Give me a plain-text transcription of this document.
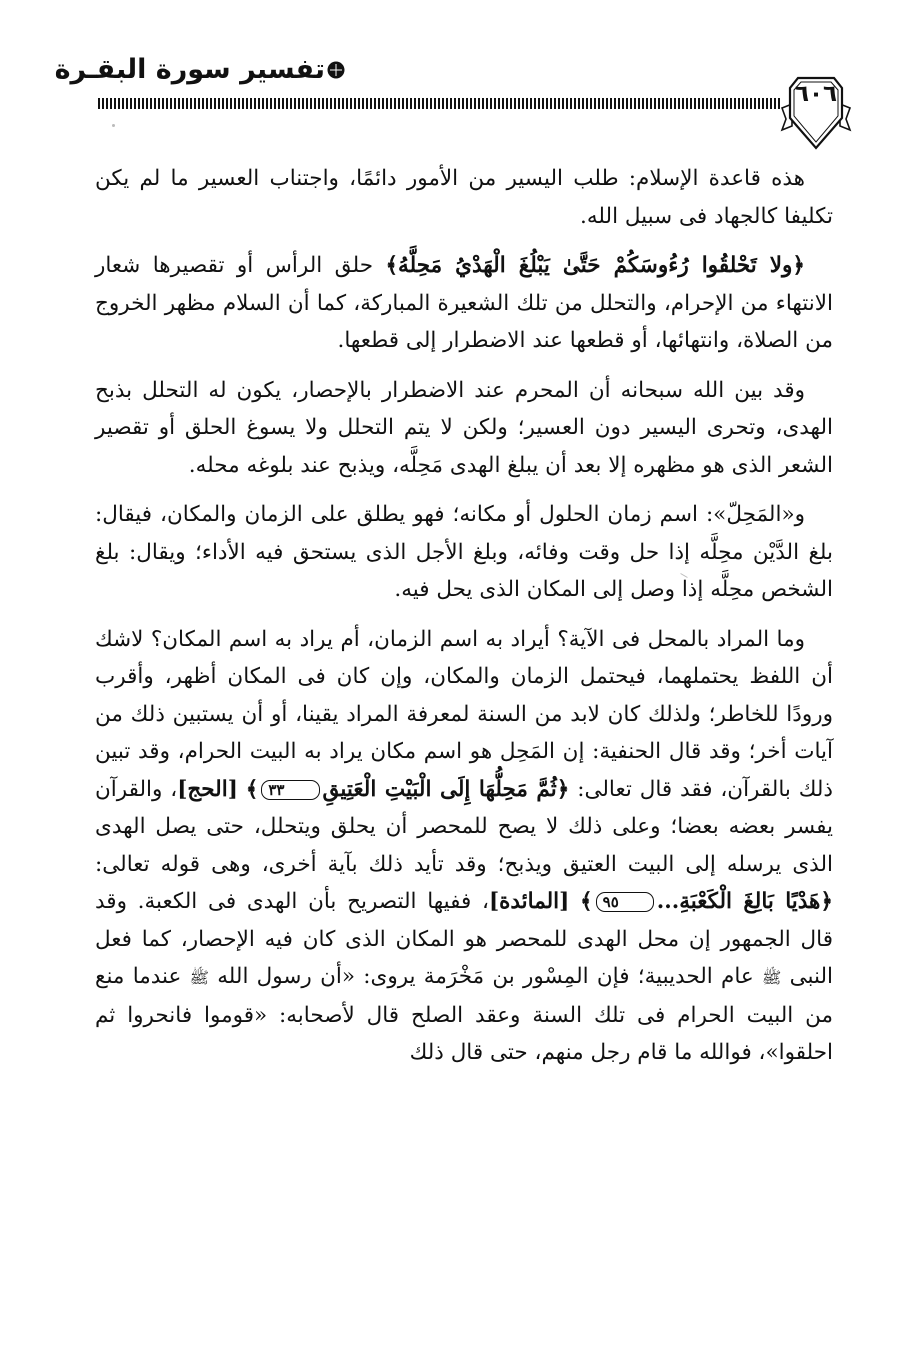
٦٠٦
تفسير سورة البقـرة

هذه قاعدة الإسلام: طلب اليسير من الأمور دائمًا، واجتناب العسير ما لم يكن تكليفا كالجهاد فى سبيل الله.

﴿ولا تَحْلقُوا رُءُوسَكُمْ حَتَّىٰ يَبْلُغَ الْهَدْيُ مَحِلَّهُ﴾ حلق الرأس أو تقصيرها شعار الانتهاء من الإحرام، والتحلل من تلك الشعيرة المباركة، كما أن السلام مظهر الخروج من الصلاة، وانتهائها، أو قطعها عند الاضطرار إلى قطعها.

وقد بين الله سبحانه أن المحرم عند الاضطرار بالإحصار، يكون له التحلل بذبح الهدى، وتحرى اليسير دون العسير؛ ولكن لا يتم التحلل ولا يسوغ الحلق أو تقصير الشعر الذى هو مظهره إلا بعد أن يبلغ الهدى مَحِلَّه، ويذبح عند بلوغه محله.

و«المَحِلّ»: اسم زمان الحلول أو مكانه؛ فهو يطلق على الزمان والمكان، فيقال: بلغ الدَّيْن محِلَّه إذا حل وقت وفائه، وبلغ الأجل الذى يستحق فيه الأداء؛ ويقال: بلغ الشخص محِلَّه إذا وصل إلى المكان الذى يحل فيه.

وما المراد بالمحل فى الآية؟ أيراد به اسم الزمان، أم يراد به اسم المكان؟ لاشك أن اللفظ يحتملهما، فيحتمل الزمان والمكان، وإن كان فى المكان أظهر، وأقرب ورودًا للخاطر؛ ولذلك كان لابد من السنة لمعرفة المراد يقينا، أو أن يستبين ذلك من آيات أخر؛ وقد قال الحنفية: إن المَحِل هو اسم مكان يراد به البيت الحرام، وقد تبين ذلك بالقرآن، فقد قال تعالى: ﴿ثُمَّ مَحِلُّهَا إِلَى الْبَيْتِ الْعَتِيقِ٣٣﴾ [الحج]، والقرآن يفسر بعضه بعضا؛ وعلى ذلك لا يصح للمحصر أن يحلق ويتحلل، حتى يصل الهدى الذى يرسله إلى البيت العتيق ويذبح؛ وقد تأيد ذلك بآية أخرى، وهى قوله تعالى: ﴿هَدْيًا بَالِغَ الْكَعْبَةِ...٩٥﴾ [المائدة]، ففيها التصريح بأن الهدى فى الكعبة. وقد قال الجمهور إن محل الهدى للمحصر هو المكان الذى كان فيه الإحصار، كما فعل النبى ﷺ عام الحديبية؛ فإن المِسْور بن مَخْرَمة يروى: «أن رسول الله ﷺ عندما منع من البيت الحرام فى تلك السنة وعقد الصلح قال لأصحابه: «قوموا فانحروا ثم احلقوا»، فوالله ما قام رجل منهم، حتى قال ذلك
